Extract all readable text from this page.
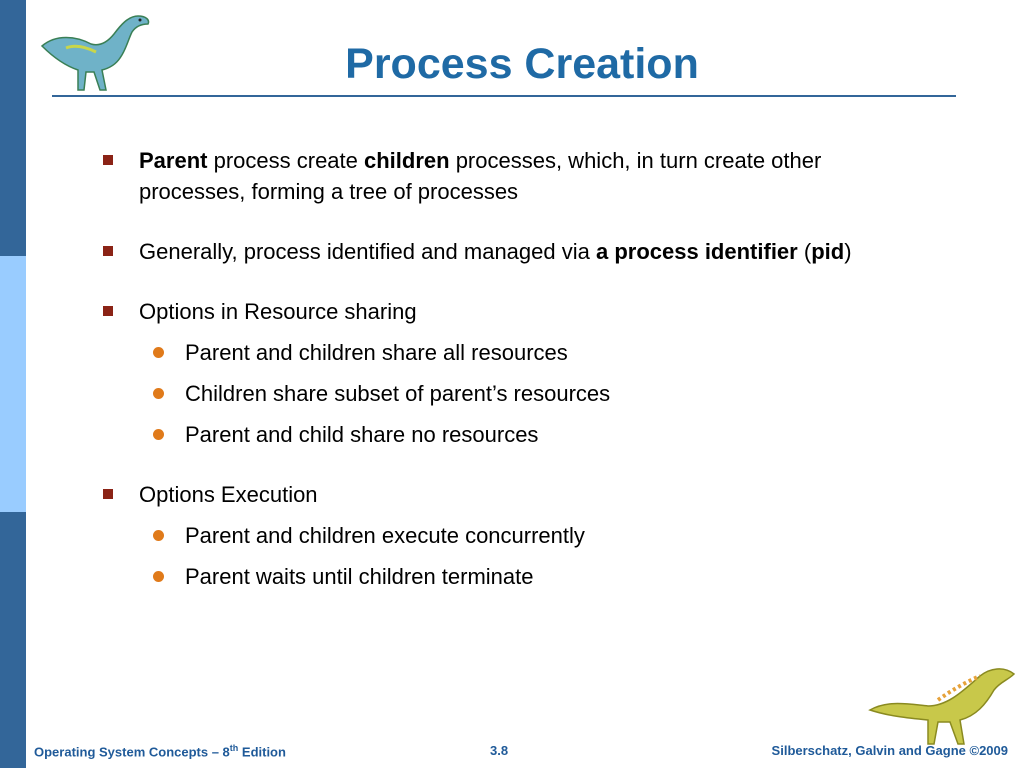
Process Creation
Parent process create children processes, which, in turn create other processes, forming a tree of processes
Generally, process identified and managed via a process identifier (pid)
Options in Resource sharing
Parent and children share all resources
Children share subset of parent’s resources
Parent and child share no resources
Options Execution
Parent and children execute concurrently
Parent waits until children terminate
Operating System Concepts – 8th Edition	3.8	Silberschatz, Galvin and Gagne ©2009
